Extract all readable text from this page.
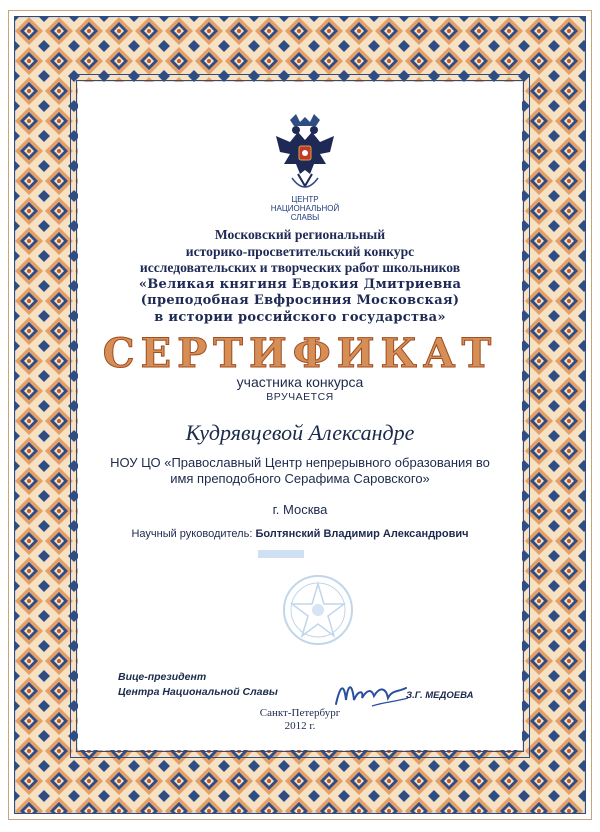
ЦЕНТР
НАЦИОНАЛЬНОЙ
СЛАВЫ
Московский региональный
историко-просветительский конкурс
исследовательских и творческих работ школьников
«Великая княгиня Евдокия Дмитриевна
(преподобная Евфросиния Московская)
в истории российского государства»
СЕРТИФИКАТ
участника конкурса
ВРУЧАЕТСЯ
Кудрявцевой Александре
НОУ ЦО «Православный Центр непрерывного образования во
имя преподобного Серафима Саровского»
г. Москва
Научный руководитель: Болтянский Владимир Александрович
Вице-президент
Центра Национальной Славы	З.Г. МЕДОЕВА
Санкт-Петербург
2012 г.
